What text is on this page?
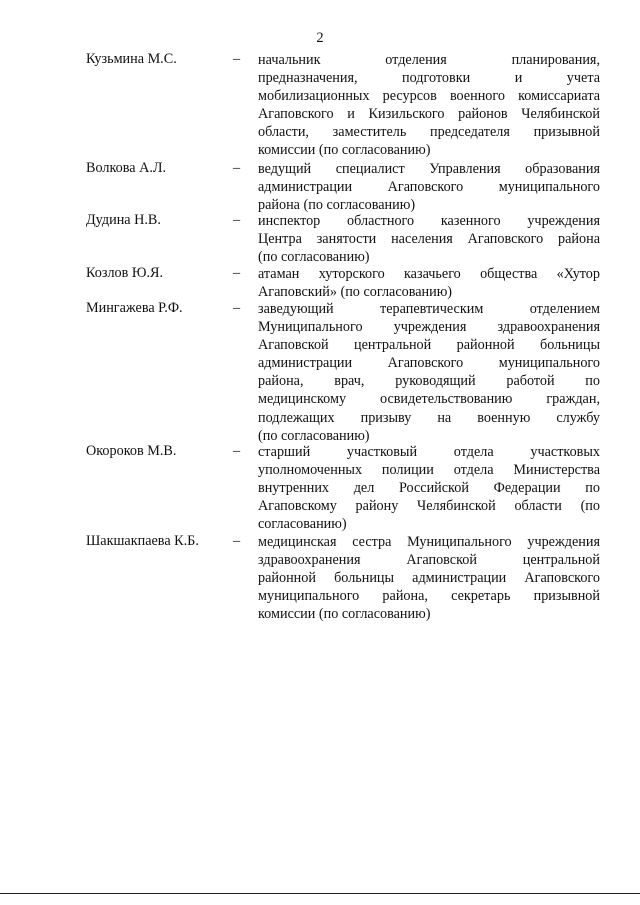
2
Кузьмина М.С.	– начальник отделения планирования,
предназначения, подготовки и учета
мобилизационных ресурсов военного комиссариата
Агаповского и Кизильского районов Челябинской
области, заместитель председателя призывной
комиссии (по согласованию)
Волкова А.Л.	– ведущий специалист Управления образования
администрации Агаповского муниципального
района (по согласованию)
Дудина Н.В.	– инспектор областного казенного учреждения
Центра занятости населения Агаповского района
(по согласованию)
Козлов Ю.Я.	– атаман хуторского казачьего общества «Хутор
Агаповский» (по согласованию)
Мингажева Р.Ф.	– заведующий терапевтическим отделением
Муниципального учреждения здравоохранения
Агаповской центральной районной больницы
администрации Агаповского муниципального
района, врач, руководящий работой по
медицинскому освидетельствованию граждан,
подлежащих призыву на военную службу
(по согласованию)
Окороков М.В.	– старший участковый отдела участковых
уполномоченных полиции отдела Министерства
внутренних дел Российской Федерации по
Агаповскому району Челябинской области (по
согласованию)
Шакшакпаева К.Б. – медицинская сестра Муниципального учреждения
здравоохранения Агаповской центральной
районной больницы администрации Агаповского
муниципального района, секретарь призывной
комиссии (по согласованию)
